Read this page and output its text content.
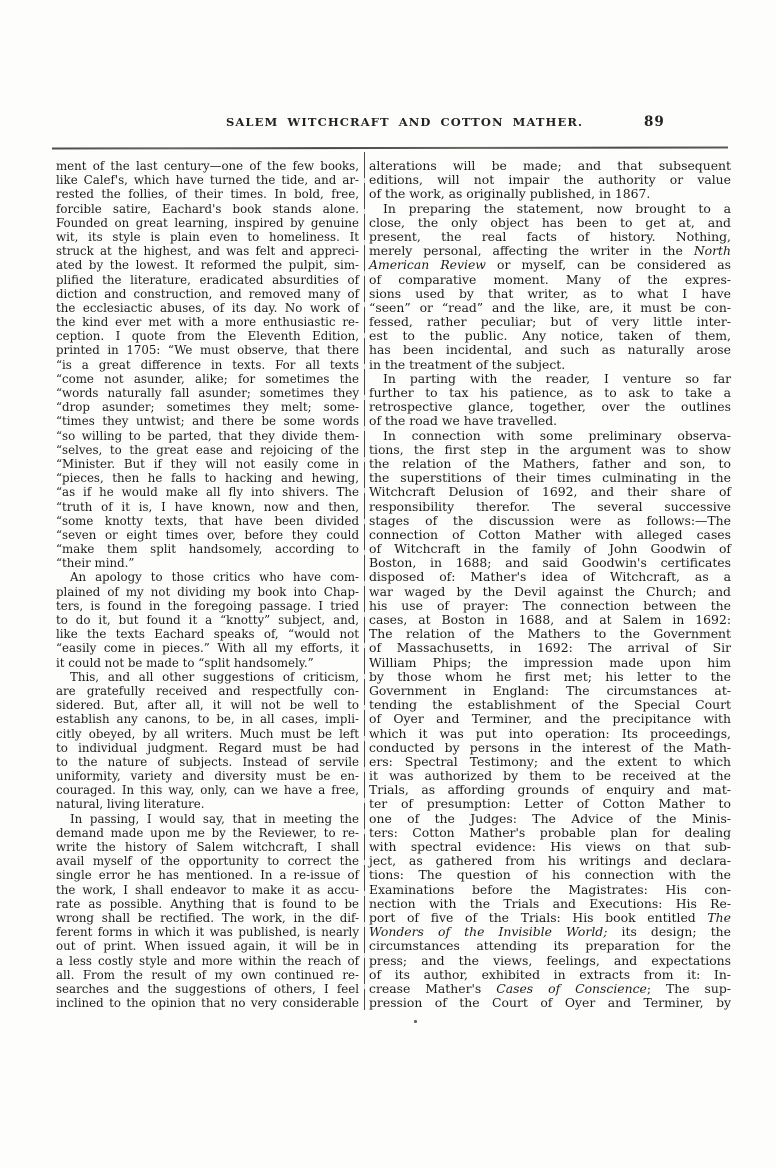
SALEM WITCHCRAFT AND COTTON MATHER.	89
ment of the last century—one of the few books,
like Calef's, which have turned the tide, and ar-
rested the follies, of their times. In bold, free,
forcible satire, Eachard's book stands alone.
Founded on great learning, inspired by genuine
wit, its style is plain even to homeliness. It
struck at the highest, and was felt and appreci-
ated by the lowest. It reformed the pulpit, sim-
plified the literature, eradicated absurdities of
diction and construction, and removed many of
the ecclesiactic abuses, of its day. No work of
the kind ever met with a more enthusiastic re-
ception. I quote from the Eleventh Edition,
printed in 1705: “We must observe, that there
“is a great difference in texts. For all texts
“come not asunder, alike; for sometimes the
“words naturally fall asunder; sometimes they
“drop asunder; sometimes they melt; some-
“times they untwist; and there be some words
“so willing to be parted, that they divide them-
“selves, to the great ease and rejoicing of the
“Minister. But if they will not easily come in
“pieces, then he falls to hacking and hewing,
“as if he would make all fly into shivers. The
“truth of it is, I have known, now and then,
“some knotty texts, that have been divided
“seven or eight times over, before they could
“make them split handsomely, according to
“their mind.”
An apology to those critics who have com-
plained of my not dividing my book into Chap-
ters, is found in the foregoing passage. I tried
to do it, but found it a “knotty” subject, and,
like the texts Eachard speaks of, “would not
“easily come in pieces.” With all my efforts, it
it could not be made to “split handsomely.”
This, and all other suggestions of criticism,
are gratefully received and respectfully con-
sidered. But, after all, it will not be well to
establish any canons, to be, in all cases, impli-
citly obeyed, by all writers. Much must be left
to individual judgment. Regard must be had
to the nature of subjects. Instead of servile
uniformity, variety and diversity must be en-
couraged. In this way, only, can we have a free,
natural, living literature.
In passing, I would say, that in meeting the
demand made upon me by the Reviewer, to re-
write the history of Salem witchcraft, I shall
avail myself of the opportunity to correct the
single error he has mentioned. In a re-issue of
the work, I shall endeavor to make it as accu-
rate as possible. Anything that is found to be
wrong shall be rectified. The work, in the dif-
ferent forms in which it was published, is nearly
out of print. When issued again, it will be in
a less costly style and more within the reach of
all. From the result of my own continued re-
searches and the suggestions of others, I feel
inclined to the opinion that no very considerable
alterations will be made; and that subsequent
editions, will not impair the authority or value
of the work, as originally published, in 1867.
In preparing the statement, now brought to a
close, the only object has been to get at, and
present, the real facts of history. Nothing,
merely personal, affecting the writer in the North
American Review or myself, can be considered as
of comparative moment. Many of the expres-
sions used by that writer, as to what I have
“seen” or “read” and the like, are, it must be con-
fessed, rather peculiar; but of very little inter-
est to the public. Any notice, taken of them,
has been incidental, and such as naturally arose
in the treatment of the subject.
In parting with the reader, I venture so far
further to tax his patience, as to ask to take a
retrospective glance, together, over the outlines
of the road we have travelled.
In connection with some preliminary observa-
tions, the first step in the argument was to show
the relation of the Mathers, father and son, to
the superstitions of their times culminating in the
Witchcraft Delusion of 1692, and their share of
responsibility therefor. The several successive
stages of the discussion were as follows:—The
connection of Cotton Mather with alleged cases
of Witchcraft in the family of John Goodwin of
Boston, in 1688; and said Goodwin's certificates
disposed of: Mather's idea of Witchcraft, as a
war waged by the Devil against the Church; and
his use of prayer: The connection between the
cases, at Boston in 1688, and at Salem in 1692:
The relation of the Mathers to the Government
of Massachusetts, in 1692: The arrival of Sir
William Phips; the impression made upon him
by those whom he first met; his letter to the
Government in England: The circumstances at-
tending the establishment of the Special Court
of Oyer and Terminer, and the precipitance with
which it was put into operation: Its proceedings,
conducted by persons in the interest of the Math-
ers: Spectral Testimony; and the extent to which
it was authorized by them to be received at the
Trials, as affording grounds of enquiry and mat-
ter of presumption: Letter of Cotton Mather to
one of the Judges: The Advice of the Minis-
ters: Cotton Mather's probable plan for dealing
with spectral evidence: His views on that sub-
ject, as gathered from his writings and declara-
tions: The question of his connection with the
Examinations before the Magistrates: His con-
nection with the Trials and Executions: His Re-
port of five of the Trials: His book entitled The
Wonders of the Invisible World; its design; the
circumstances attending its preparation for the
press; and the views, feelings, and expectations
of its author, exhibited in extracts from it: In-
crease Mather's Cases of Conscience; The sup-
pression of the Court of Oyer and Terminer, by
